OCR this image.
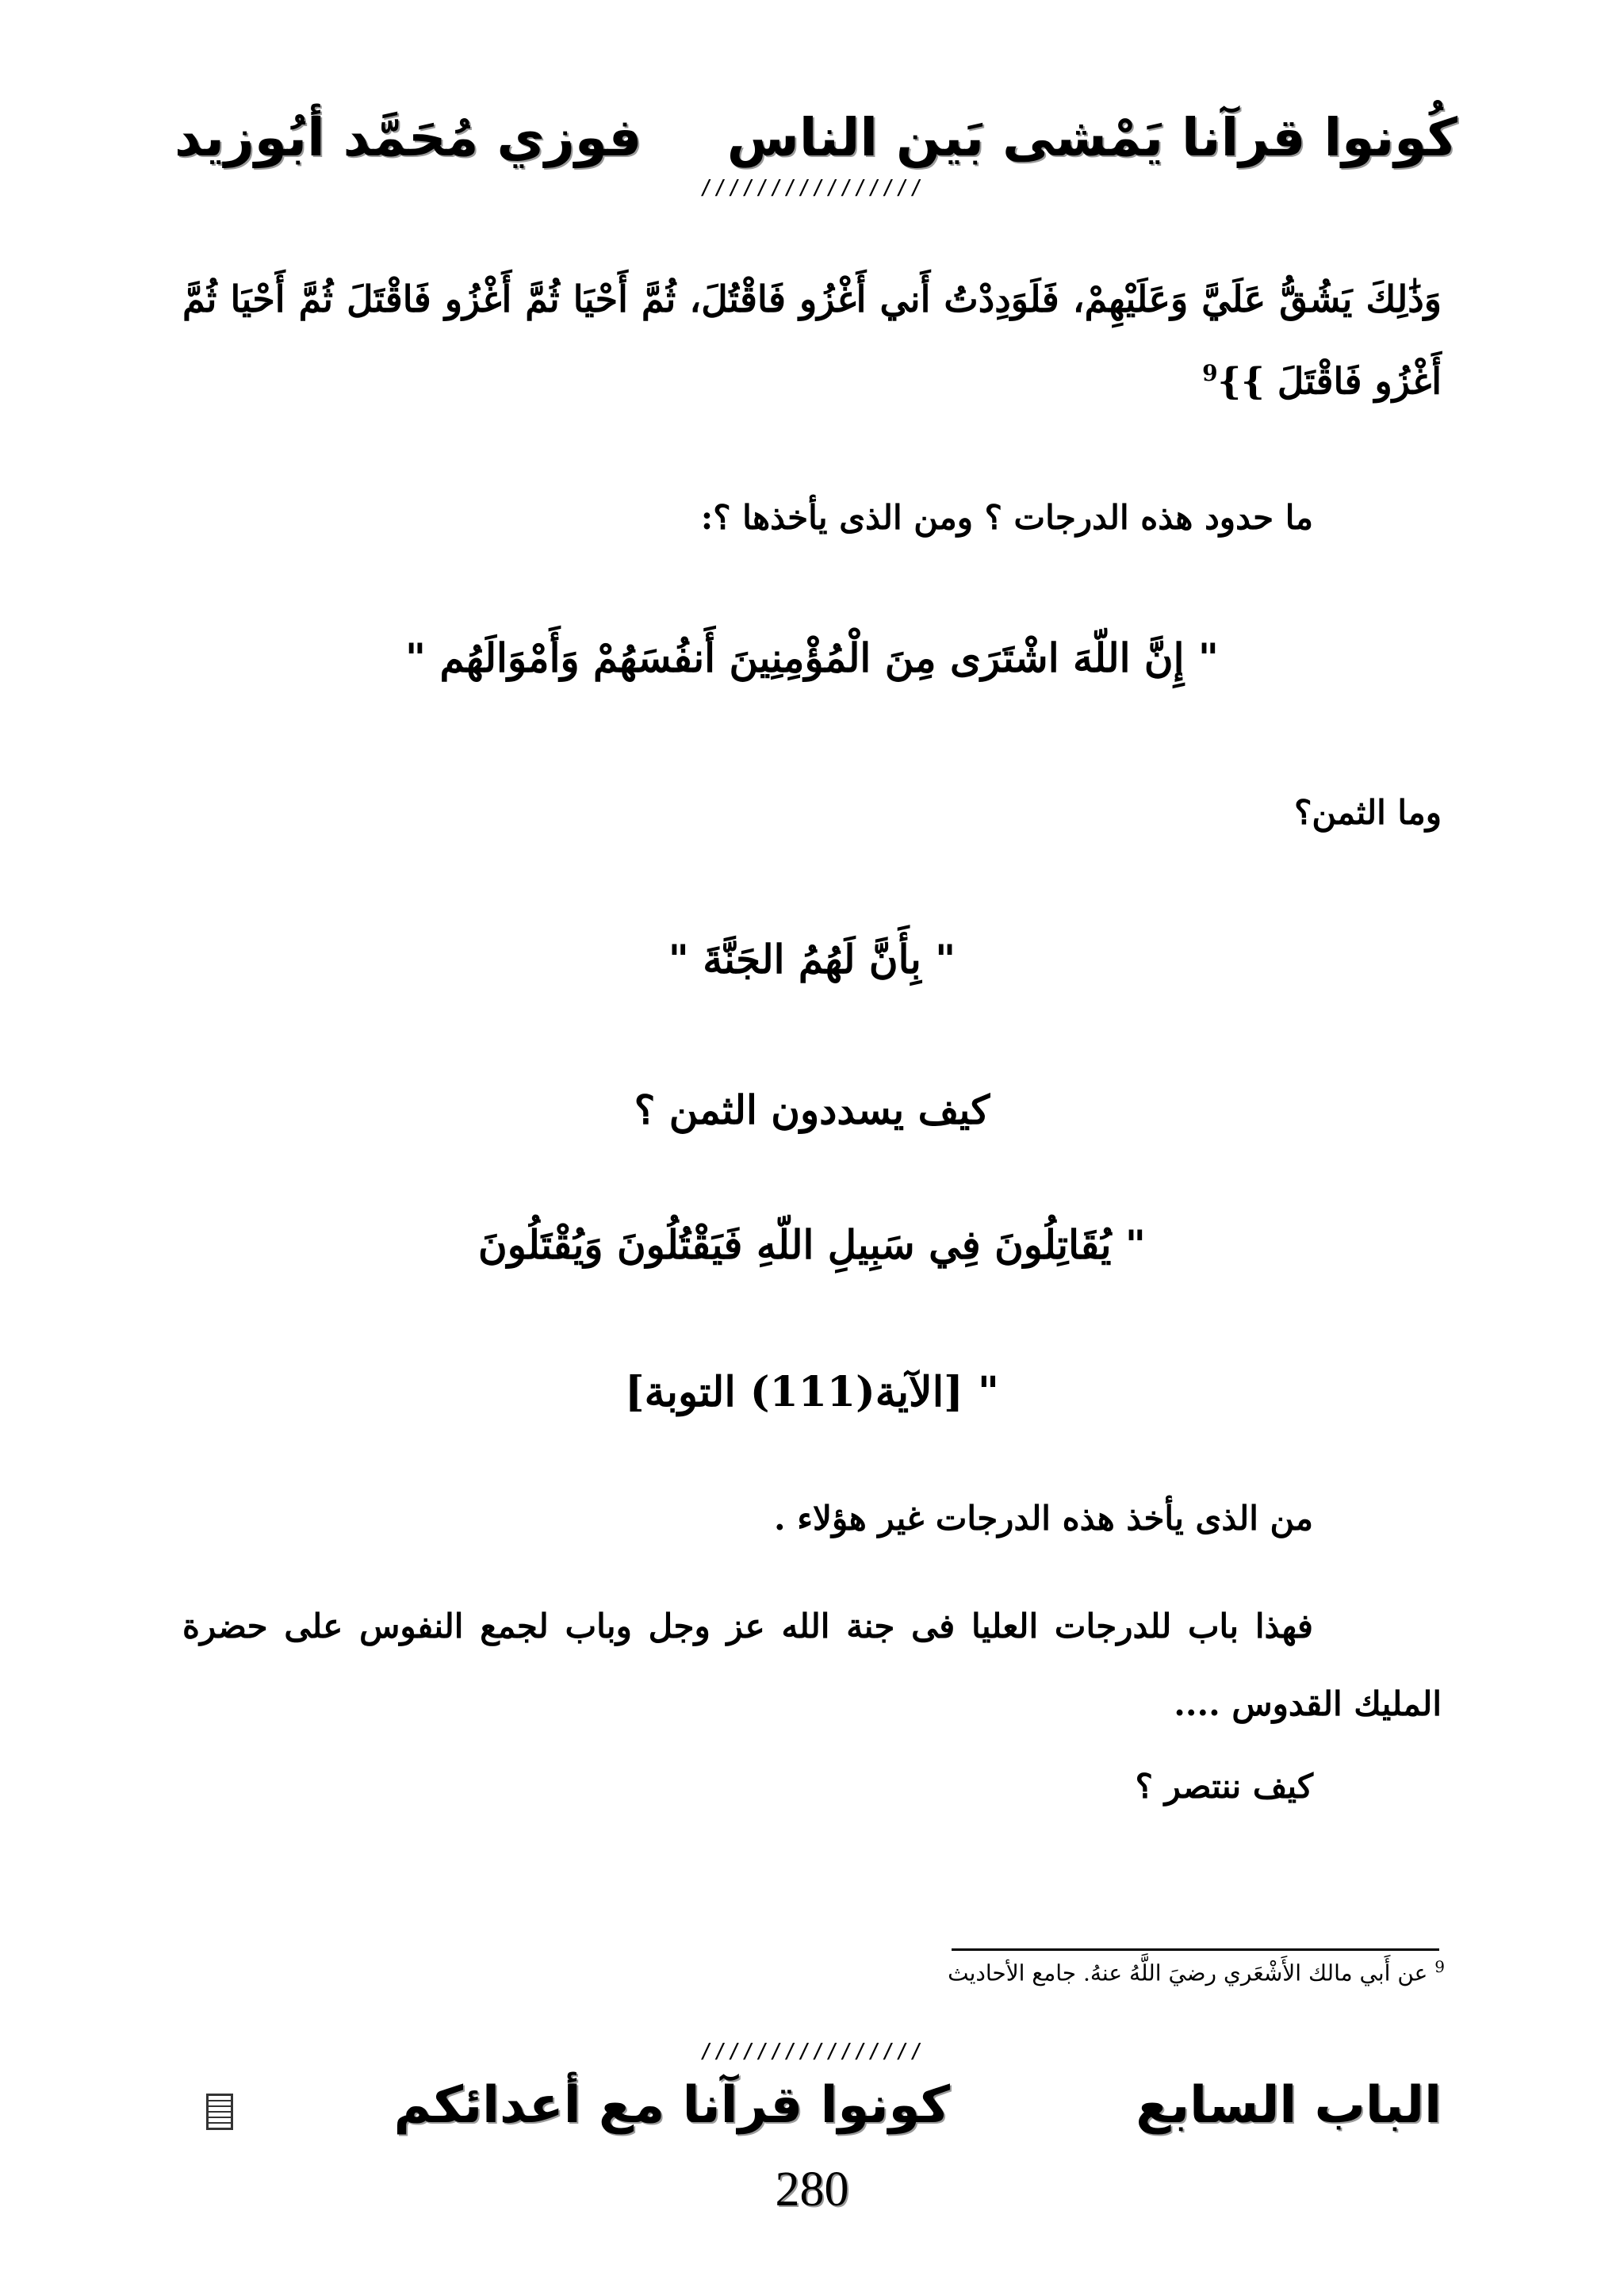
كُونوا قرآنا يَمْشى بَين الناس
فوزي مُحَمَّد أبُوزيد
////////////////
وَذَٰلِكَ يَشُقُّ عَلَيَّ وَعَلَيْهِمْ، فَلَوَدِدْتُ أَني أَغْزُو فَاقْتُلَ، ثُمَّ أَحْيَا ثُمَّ أَغْزُو فَاقْتَلَ ثُمَّ أَحْيَا ثُمَّ أَغْزُو فَاقْتَلَ }}$^9$
ما حدود هذه الدرجات ؟ ومن الذى يأخذها ؟:
" إِنَّ اللّهَ اشْتَرَى مِنَ الْمُؤْمِنِينَ أَنفُسَهُمْ وَأَمْوَالَهُم "
وما الثمن؟
" بِأَنَّ لَهُمُ الجَنَّةَ "
كيف يسددون الثمن ؟
" يُقَاتِلُونَ فِي سَبِيلِ اللّهِ فَيَقْتُلُونَ وَيُقْتَلُونَ
" [الآية(111) التوبة]
من الذى يأخذ هذه الدرجات غير هؤلاء .
فهذا باب للدرجات العليا فى جنة الله عز وجل وباب لجمع النفوس على حضرة المليك القدوس ....
كيف ننتصر ؟
$^9$ عن أَبي مالك الأَشْعَري رضيَ اللَّهُ عنهُ. جامع الأحاديث
////////////////
الباب السابع
كونوا قرآنا مع أعدائكم
280
